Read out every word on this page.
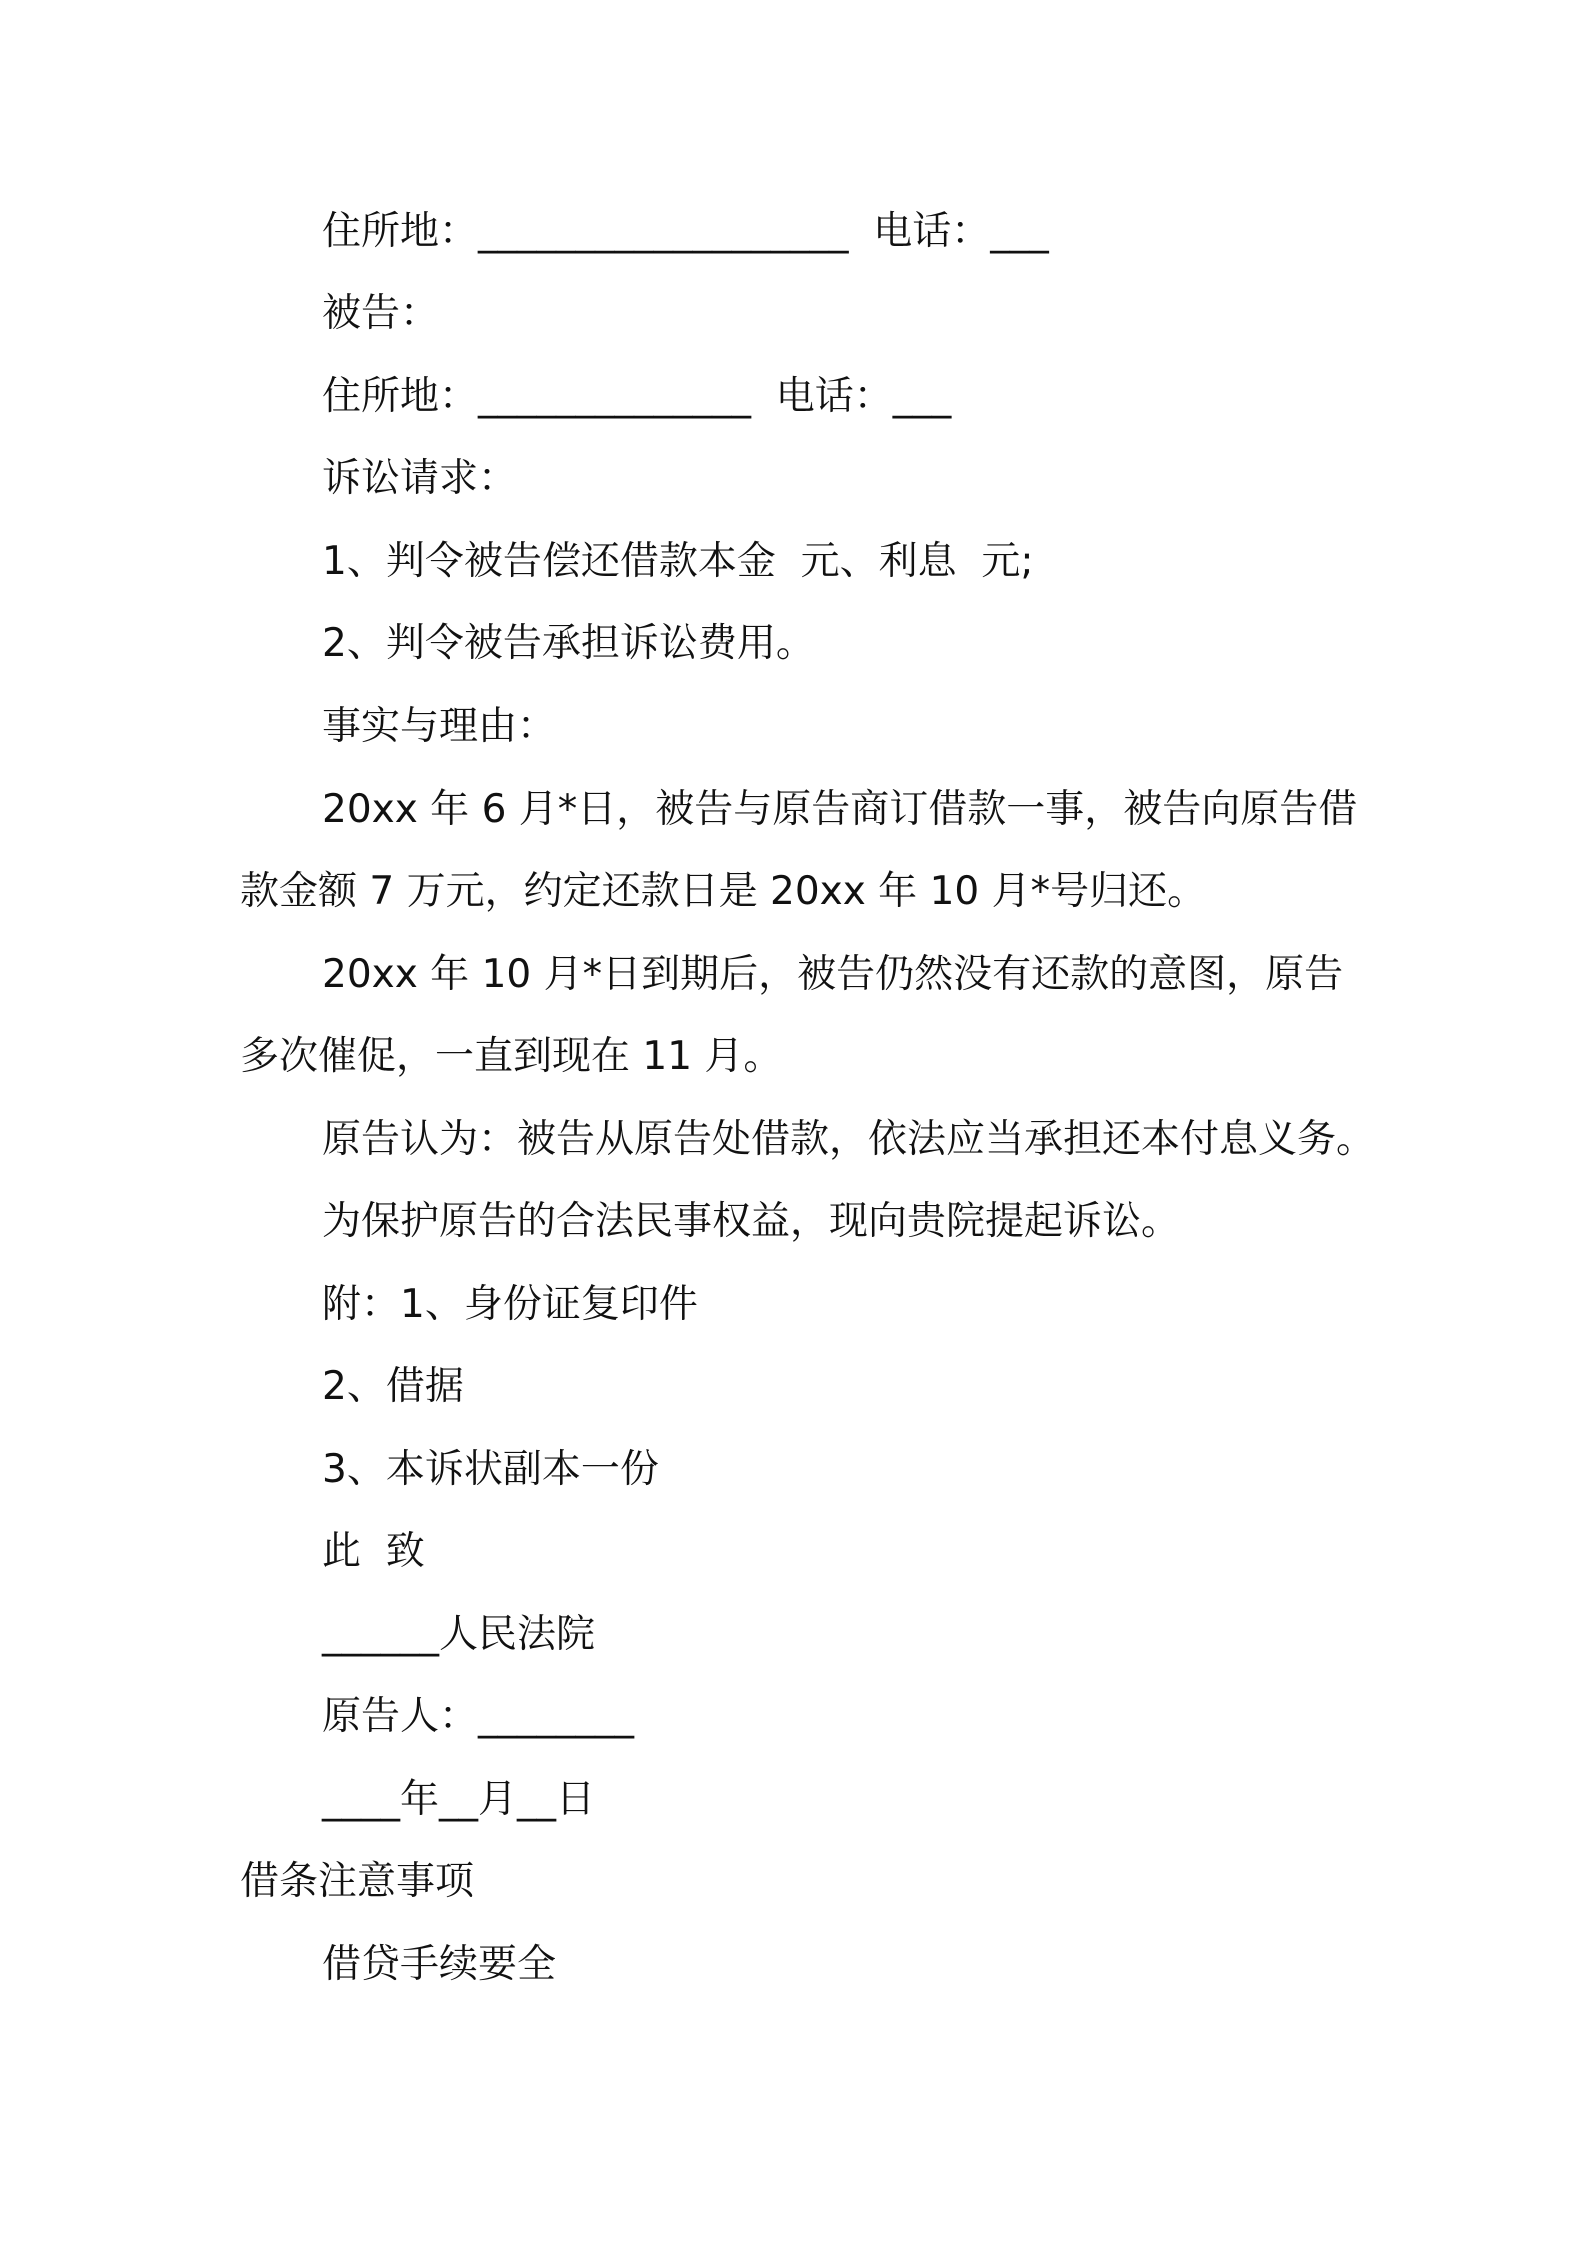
住所地：___________________  电话：___
被告：
住所地：______________  电话：___
诉讼请求：
1、判令被告偿还借款本金  元、利息  元;
2、判令被告承担诉讼费用。
事实与理由：
20xx 年 6 月*日，被告与原告商订借款一事，被告向原告借
款金额 7 万元，约定还款日是 20xx 年 10 月*号归还。
20xx 年 10 月*日到期后，被告仍然没有还款的意图，原告
多次催促，一直到现在 11 月。
原告认为：被告从原告处借款，依法应当承担还本付息义务。
为保护原告的合法民事权益，现向贵院提起诉讼。
附：1、身份证复印件
2、借据
3、本诉状副本一份
此  致
______人民法院
原告人：________
____年__月__日
借条注意事项
借贷手续要全
